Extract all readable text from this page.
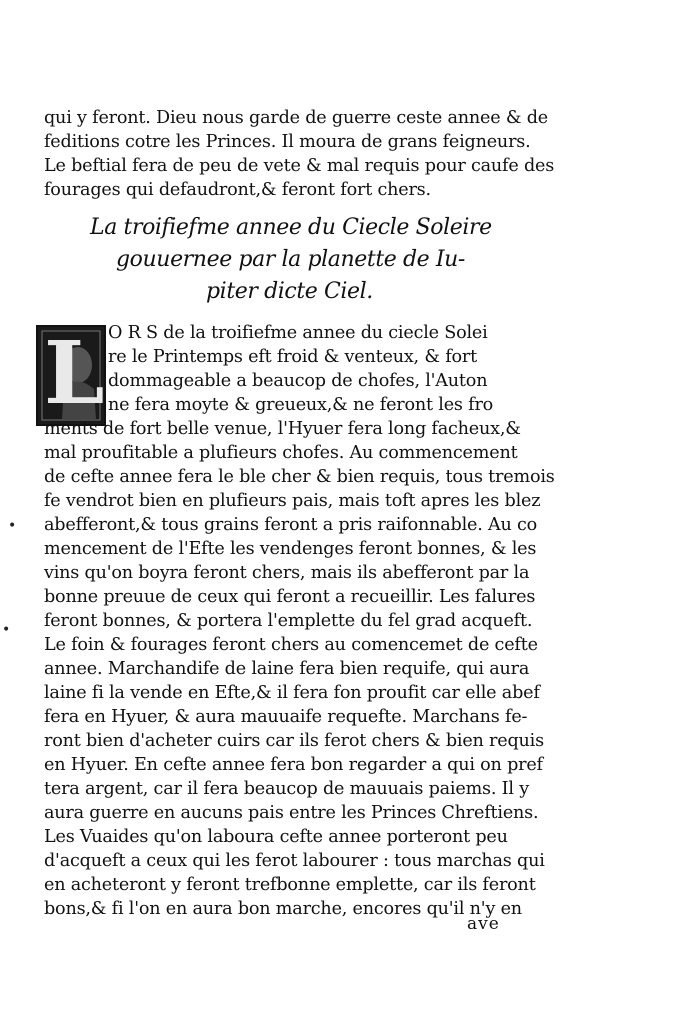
qui y feront. Dieu nous garde de guerre ceste annee & de
feditions cotre les Princes. Il moura de grans feigneurs.
Le beftial fera de peu de vete & mal requis pour caufe des
fourages qui defaudront,& feront fort chers.
La troifiefme annee du Ciecle Soleire
gouuernee par la planette de Iu-
piter dicte Ciel.
L O R S de la troifiefme annee du ciecle Solei
re le Printemps eft froid & venteux, & fort
dommageable a beaucop de chofes, l'Auton
ne fera moyte & greueux,& ne feront les fro
ments de fort belle venue, l'Hyuer fera long facheux,&
mal proufitable a plufieurs chofes. Au commencement
de cefte annee fera le ble cher & bien requis, tous tremois
fe vendrot bien en plufieurs pais, mais toft apres les blez
abefferont,& tous grains feront a pris raifonnable. Au co
mencement de l'Efte les vendenges feront bonnes, & les
vins qu'on boyra feront chers, mais ils abefferont par la
bonne preuue de ceux qui feront a recueillir. Les falures
feront bonnes, & portera l'emplette du fel grad acqueft.
Le foin & fourages feront chers au comencemet de cefte
annee. Marchandife de laine fera bien requife, qui aura
laine fi la vende en Efte,& il fera fon proufit car elle abef
fera en Hyuer, & aura mauuaife requefte. Marchans fe-
ront bien d'acheter cuirs car ils ferot chers & bien requis
en Hyuer. En cefte annee fera bon regarder a qui on pref
tera argent, car il fera beaucop de mauuais paiems. Il y
aura guerre en aucuns pais entre les Princes Chreftiens.
Les Vuaides qu'on laboura cefte annee porteront peu
d'acqueft a ceux qui les ferot labourer : tous marchas qui
en acheteront y feront trefbonne emplette, car ils feront
bons,& fi l'on en aura bon marche, encores qu'il n'y en
ave
•
•
